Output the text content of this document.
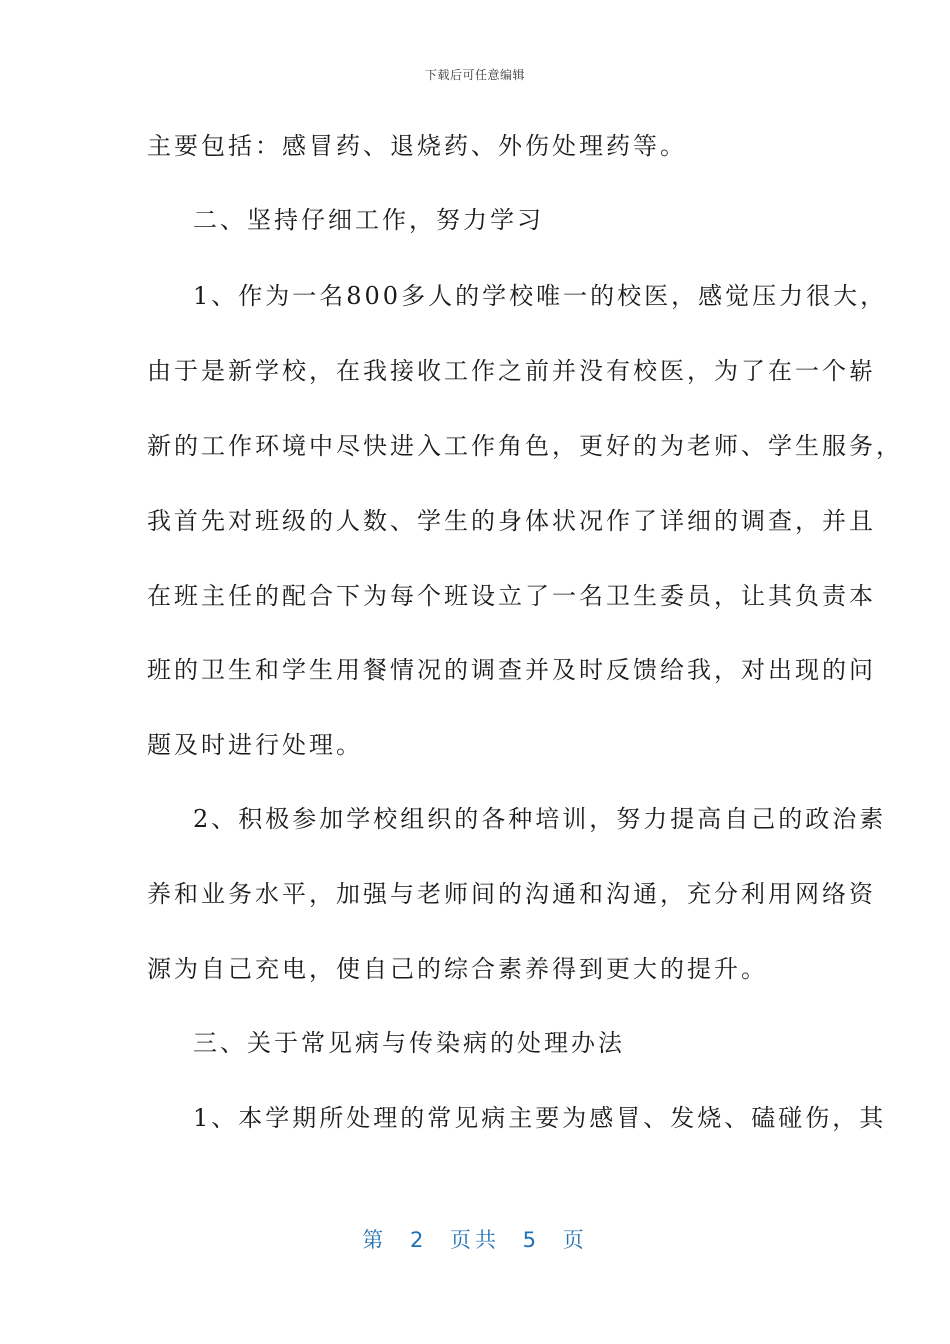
下载后可任意编辑
主要包括：感冒药、退烧药、外伤处理药等。
二、坚持仔细工作，努力学习
1、作为一名800多人的学校唯一的校医，感觉压力很大，
由于是新学校，在我接收工作之前并没有校医，为了在一个崭
新的工作环境中尽快进入工作角色，更好的为老师、学生服务，
我首先对班级的人数、学生的身体状况作了详细的调查，并且
在班主任的配合下为每个班设立了一名卫生委员，让其负责本
班的卫生和学生用餐情况的调查并及时反馈给我，对出现的问
题及时进行处理。
2、积极参加学校组织的各种培训，努力提高自己的政治素
养和业务水平，加强与老师间的沟通和沟通，充分利用网络资
源为自己充电，使自己的综合素养得到更大的提升。
三、关于常见病与传染病的处理办法
1、本学期所处理的常见病主要为感冒、发烧、磕碰伤，其
第 2 页共 5 页
